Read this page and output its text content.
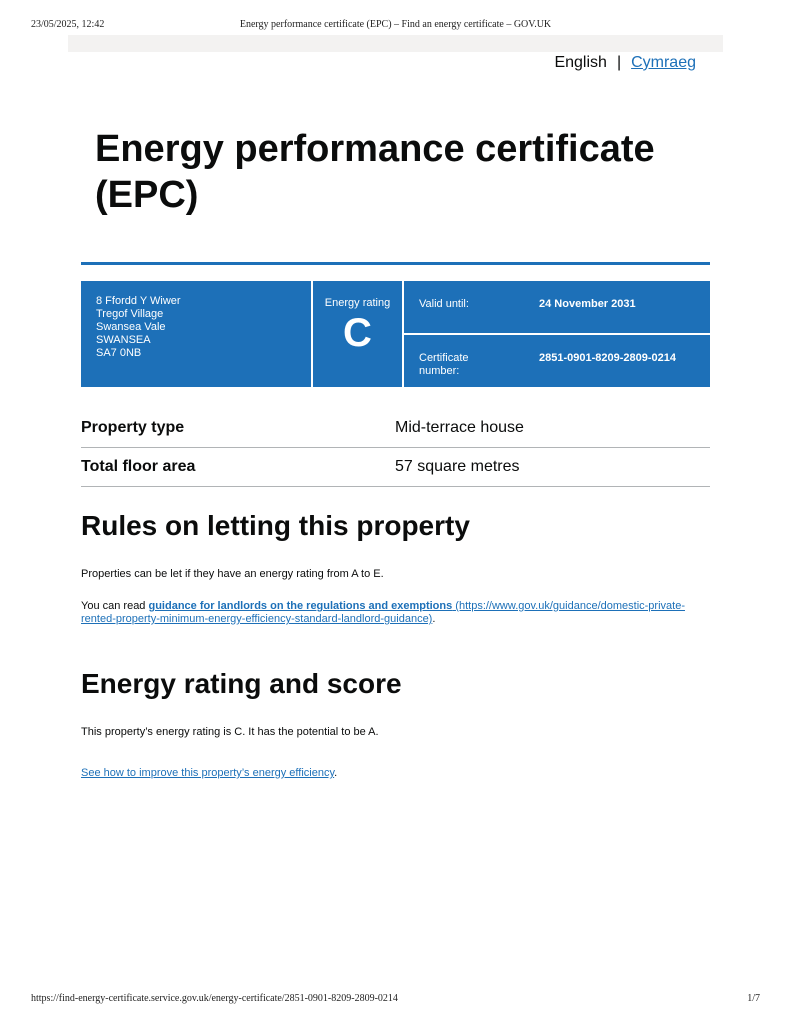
23/05/2025, 12:42	Energy performance certificate (EPC) – Find an energy certificate – GOV.UK
English | Cymraeg
Energy performance certificate (EPC)
8 Ffordd Y Wiwer
Tregof Village
Swansea Vale
SWANSEA
SA7 0NB
Energy rating
C
Valid until:	24 November 2031
Certificate
number:
2851-0901-8209-2809-0214
Property type	Mid-terrace house
Total floor area	57 square metres
Rules on letting this property

Properties can be let if they have an energy rating from A to E.

You can read guidance for landlords on the regulations and exemptions (https://www.gov.uk/guidance/domestic-private-rented-property-minimum-energy-efficiency-standard-landlord-guidance).

Energy rating and score

This property’s energy rating is C. It has the potential to be A.

See how to improve this property’s energy efficiency.

https://find-energy-certificate.service.gov.uk/energy-certificate/2851-0901-8209-2809-0214	1/7
